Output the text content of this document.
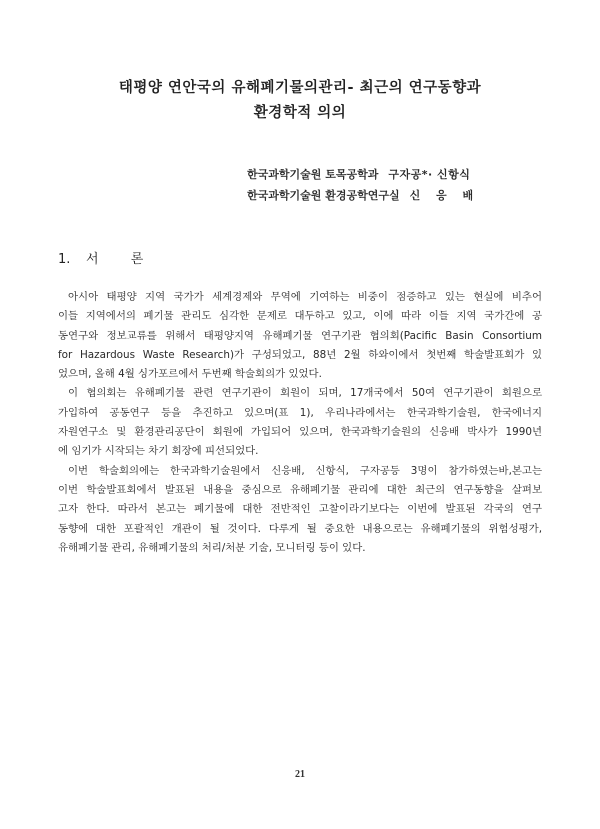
태평양 연안국의 유해폐기물의관리- 최근의 연구동향과
환경학적 의의
한국과학기술원 토목공학과 구자공*· 신항식
한국과학기술원 환경공학연구실 신 응 배
1. 서 론
아시아 태평양 지역 국가가 세계경제와 무역에 기여하는 비중이 점증하고 있는 현실에 비추어
이들 지역에서의 폐기물 관리도 심각한 문제로 대두하고 있고, 이에 따라 이들 지역 국가간에 공
동연구와 정보교류를 위해서 태평양지역 유해폐기물 연구기관 협의회(Pacific Basin Consortium
for Hazardous Waste Research)가 구성되었고, 88년 2월 하와이에서 첫번째 학술발표회가 있
었으며, 올해 4월 싱가포르에서 두번째 학술회의가 있었다.
이 협의회는 유해폐기물 관련 연구기관이 회원이 되며, 17개국에서 50여 연구기관이 회원으로
가입하여 공동연구 등을 추진하고 있으며(표 1), 우리나라에서는 한국과학기술원, 한국에너지
자원연구소 및 환경관리공단이 회원에 가입되어 있으며, 한국과학기술원의 신응배 박사가 1990년
에 임기가 시작되는 차기 회장에 피선되었다.
이번 학술회의에는 한국과학기술원에서 신응배, 신항식, 구자공등 3명이 참가하였는바,본고는
이번 학술발표회에서 발표된 내용을 중심으로 유해폐기물 관리에 대한 최근의 연구동향을 살펴보
고자 한다. 따라서 본고는 폐기물에 대한 전반적인 고찰이라기보다는 이번에 발표된 각국의 연구
동향에 대한 포괄적인 개관이 될 것이다. 다루게 될 중요한 내용으로는 유해폐기물의 위험성평가,
유해폐기물 관리, 유해폐기물의 처리/처분 기술, 모니터링 등이 있다.
21
